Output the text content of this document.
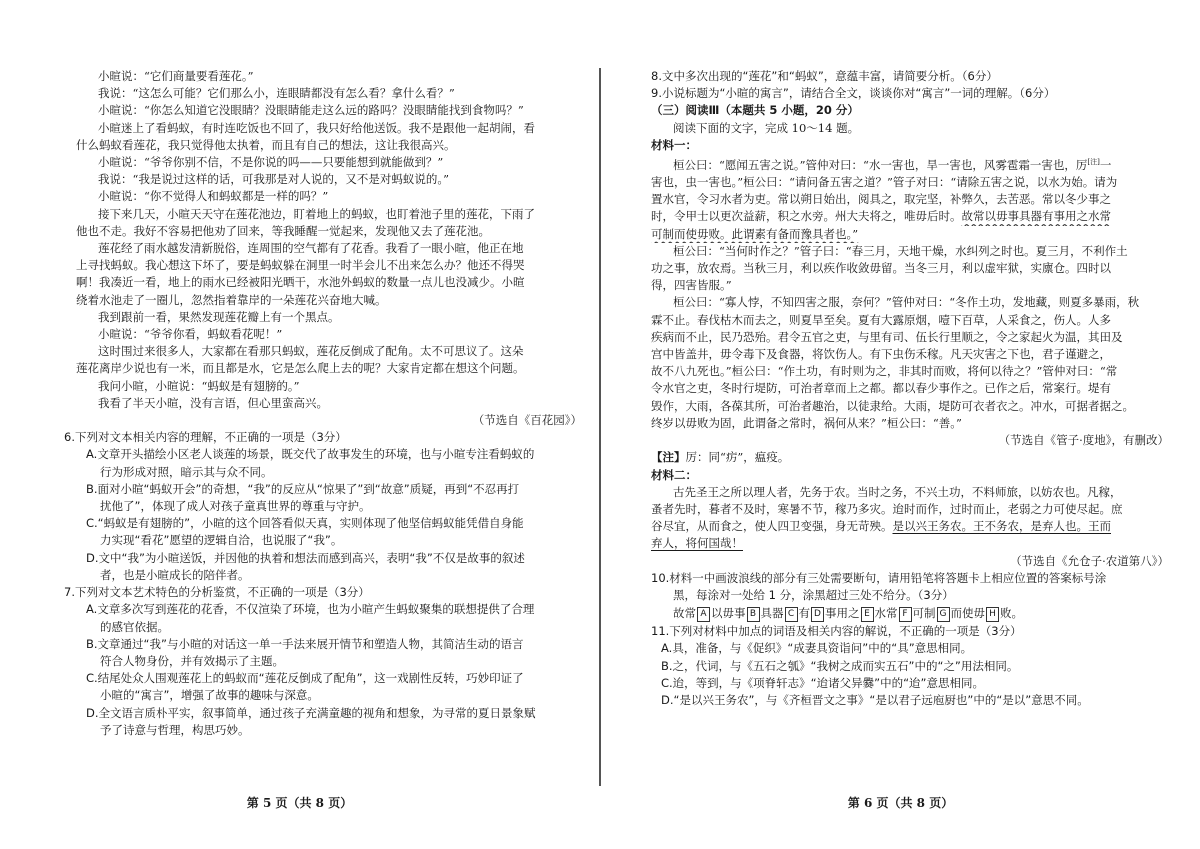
小暄说：“它们商量要看莲花。”

我说：“这怎么可能？它们那么小，连眼睛都没有怎么看？拿什么看？”

小暄说：“你怎么知道它没眼睛？没眼睛能走这么远的路吗？没眼睛能找到食物吗？”

小暄迷上了看蚂蚁，有时连吃饭也不回了，我只好给他送饭。我不是跟他一起胡闹，看

什么蚂蚁看莲花，我只觉得他太执着，而且有自己的想法，这让我很高兴。

小暄说：“爷爷你别不信，不是你说的吗——只要能想到就能做到？”

我说：“我是说过这样的话，可我那是对人说的，又不是对蚂蚁说的。”

小暄说：“你不觉得人和蚂蚁都是一样的吗？”

接下来几天，小暄天天守在莲花池边，盯着地上的蚂蚁，也盯着池子里的莲花，下雨了

他也不走。我好不容易把他劝了回来，等我睡醒一觉起来，发现他又去了莲花池。

莲花经了雨水越发清新脱俗，连周围的空气都有了花香。我看了一眼小暄，他正在地

上寻找蚂蚁。我心想这下坏了，要是蚂蚁躲在洞里一时半会儿不出来怎么办？他还不得哭

啊！我凑近一看，地上的雨水已经被阳光晒干，水池外蚂蚁的数量一点儿也没减少。小暄

绕着水池走了一圈儿，忽然指着靠岸的一朵莲花兴奋地大喊。

我到跟前一看，果然发现莲花瓣上有一个黑点。

小暄说：“爷爷你看，蚂蚁看花呢！”

这时围过来很多人，大家都在看那只蚂蚁，莲花反倒成了配角。太不可思议了。这朵

莲花离岸少说也有一米，而且都是水，它是怎么爬上去的呢？大家肯定都在想这个问题。

我问小暄，小暄说：“蚂蚁是有翅膀的。”

我看了半天小暄，没有言语，但心里蛮高兴。

（节选自《百花园》）

6.下列对文本相关内容的理解，不正确的一项是（3分）

A.文章开头描绘小区老人谈莲的场景，既交代了故事发生的环境，也与小暄专注看蚂蚁的

行为形成对照，暗示其与众不同。

B.面对小暄“蚂蚁开会”的奇想，“我”的反应从“惊果了”到“故意”质疑，再到“不忍再打

扰他了”，体现了成人对孩子童真世界的尊重与守护。

C.“蚂蚁是有翅膀的”，小暄的这个回答看似天真，实则体现了他坚信蚂蚁能凭借自身能

力实现“看花”愿望的逻辑自洽，也说服了“我”。

D.文中“我”为小暄送饭，并因他的执着和想法而感到高兴，表明“我”不仅是故事的叙述

者，也是小暄成长的陪伴者。

7.下列对文本艺术特色的分析鉴赏，不正确的一项是（3分）

A.文章多次写到莲花的花香，不仅渲染了环境，也为小暄产生蚂蚁聚集的联想提供了合理

的感官依据。

B.文章通过“我”与小暄的对话这一单一手法来展开情节和塑造人物，其简洁生动的语言

符合人物身份，并有效揭示了主题。

C.结尾处众人围观莲花上的蚂蚁而“莲花反倒成了配角”，这一戏剧性反转，巧妙印证了

小暄的“寓言”，增强了故事的趣味与深意。

D.全文语言质朴平实，叙事简单，通过孩子充满童趣的视角和想象，为寻常的夏日景象赋

予了诗意与哲理，构思巧妙。

第 5 页（共 8 页）

8.文中多次出现的“莲花”和“蚂蚁”，意蕴丰富，请简要分析。（6分）

9.小说标题为“小暄的寓言”，请结合全文，谈谈你对“寓言”一词的理解。（6分）

（三）阅读Ⅲ（本题共 5 小题，20 分）

阅读下面的文字，完成 10～14 题。

材料一：

桓公曰：“愿闻五害之说。”管仲对曰：“水一害也，旱一害也，风雾雹霜一害也，厉[注]一

害也，虫一害也。”桓公曰：“请问备五害之道？”管子对曰：“请除五害之说，以水为始。请为

置水官，令习水者为吏。常以朔日始出，阅具之，取完坚，补弊久，去苦恶。常以冬少事之

时，令甲士以更次益薪，积之水旁。州大夫将之，唯毋后时。故常以毋事具器有事用之水常

可制而使毋败。此谓素有备而豫具者也。”

桓公曰：“当何时作之？”管子曰：“春三月，天地干燥，水纠列之时也。夏三月，不利作土

功之事，放农焉。当秋三月，利以疾作收敛毋留。当冬三月，利以虚牢狱，实廪仓。四时以

得，四害皆服。”

桓公曰：“寡人悖，不知四害之服，奈何？”管仲对曰：“冬作土功，发地藏，则夏多暴雨，秋

霖不止。春伐枯木而去之，则夏旱至矣。夏有大露原烟，噎下百草，人采食之，伤人。人多

疾病而不止，民乃恐殆。君令五官之吏，与里有司、伍长行里顺之，令之家起火为温，其田及

宫中皆盖井，毋令毒下及食器，将饮伤人。有下虫伤禾稼。凡天灾害之下也，君子谨避之，

故不八九死也。”桓公曰：“作土功，有时则为之，非其时而败，将何以待之？”管仲对曰：“常

令水官之吏，冬时行堤防，可治者章而上之都。都以春少事作之。已作之后，常案行。堤有

毁作，大雨，各葆其所，可治者趣治，以徒隶给。大雨，堤防可衣者衣之。冲水，可据者据之。

终岁以毋败为固，此谓备之常时，祸何从来？”桓公曰：“善。”

（节选自《管子·度地》，有删改）

【注】厉：同“疠”，瘟疫。

材料二：

古先圣王之所以理人者，先务于农。当时之务，不兴土功，不料师旅，以妨农也。凡稼，

蚤者先时，暮者不及时，寒暑不节，稼乃多灾。迨时而作，过时而止，老弱之力可使尽起。庶

谷尽宜，从而食之，使人四卫变强，身无苛殃。是以兴王务农。王不务农，是弃人也。王而

弃人，将何国哉！

（节选自《允仓子·农道第八》）

10.材料一中画波浪线的部分有三处需要断句，请用铅笔将答题卡上相应位置的答案标号涂

黑，每涂对一处给 1 分，涂黑超过三处不给分。（3分）

故常 A 以毋事 B 具器 C 有 D 事用之 E 水常 F 可制 G 而使毋 H 败。

11.下列对材料中加点的词语及相关内容的解说，不正确的一项是（3分）

A.具，准备，与《促织》“成妻具资诣问”中的“具”意思相同。

B.之，代词，与《五石之瓠》“我树之成而实五石”中的“之”用法相同。

C.迨，等到，与《项脊轩志》“迨诸父异爨”中的“迨”意思相同。

D.“是以兴王务农”，与《齐桓晋文之事》“是以君子远庖厨也”中的“是以”意思不同。

第 6 页（共 8 页）
